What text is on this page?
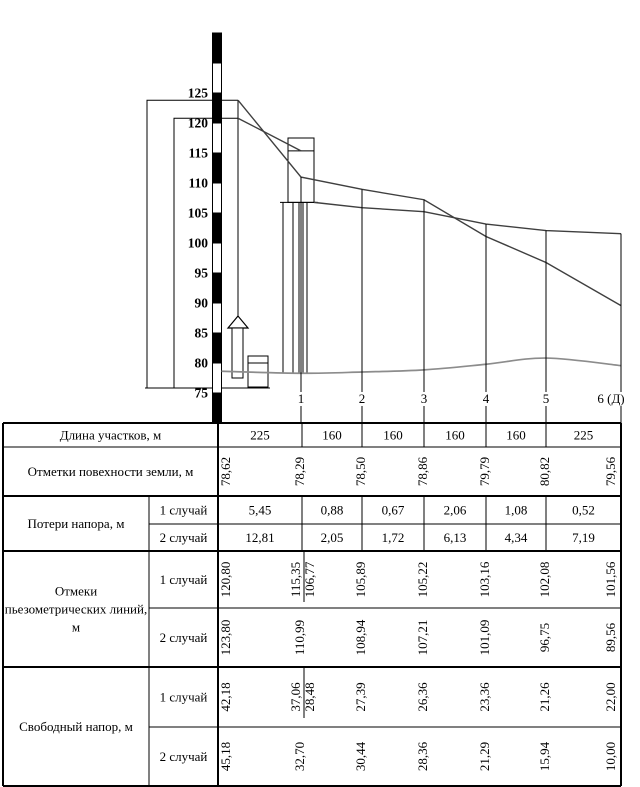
1	2	3	4	5	6 (Д)
125
120
115
110
105
100
95
90
85
80
75
Длина участков, м	225	160	160	160	160	225
Отметки повехности земли, м 78,62	78,29	78,50	78,86	79,79	80,82	79,56
Потери напора, м
1 случай	5,45	0,88	0,67	2,06	1,08	0,52
2 случай	12,81	2,05	1,72	6,13	4,34	7,19
Отмеки
пьезометрических линий,
м
1 случай 120,80	115,35 106,77	105,89	105,22	103,16	102,08	101,56
2 случай 123,80	110,99	108,94	107,21	101,09	96,75	89,56
Свободный напор, м
1 случай 42,18	37,06 28,48	27,39	26,36	23,36	21,26	22,00
2 случай 45,18	32,70	30,44	28,36	21,29	15,94	10,00
